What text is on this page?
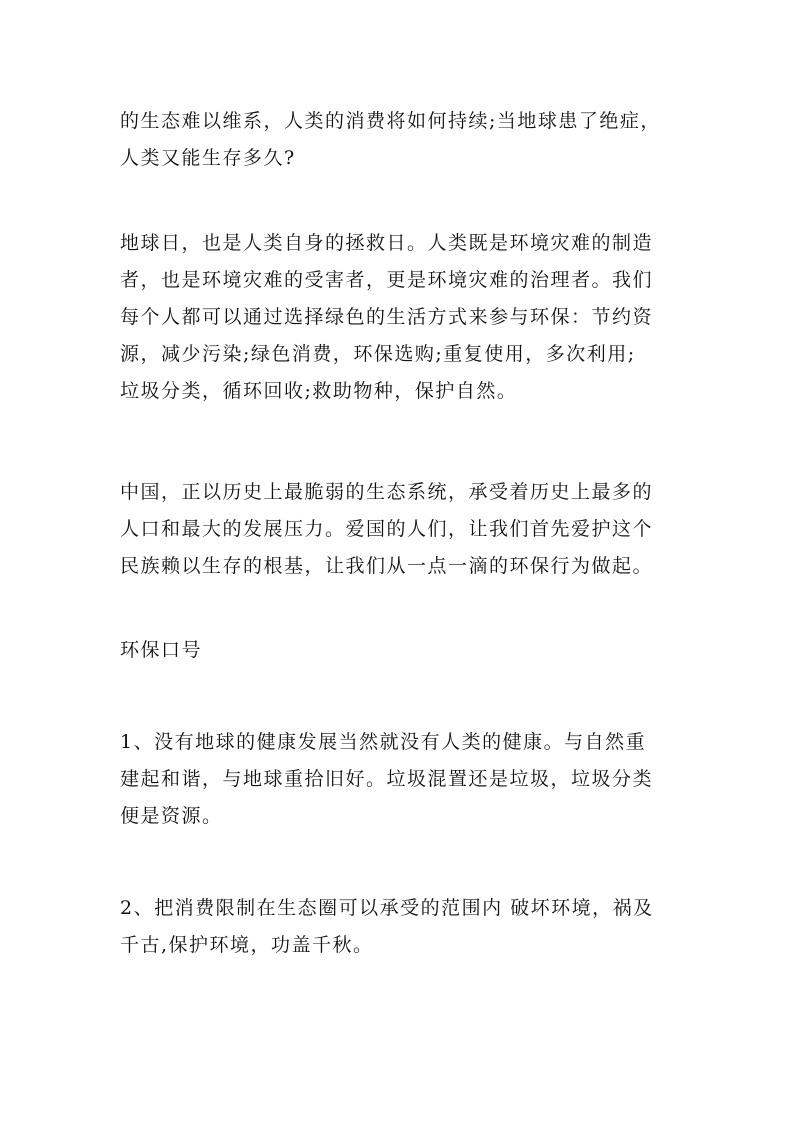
的生态难以维系，人类的消费将如何持续;当地球患了绝症，
人类又能生存多久?

地球日，也是人类自身的拯救日。人类既是环境灾难的制造
者，也是环境灾难的受害者，更是环境灾难的治理者。我们
每个人都可以通过选择绿色的生活方式来参与环保：节约资
源，减少污染;绿色消费，环保选购;重复使用，多次利用;
垃圾分类，循环回收;救助物种，保护自然。

中国，正以历史上最脆弱的生态系统，承受着历史上最多的
人口和最大的发展压力。爱国的人们，让我们首先爱护这个
民族赖以生存的根基，让我们从一点一滴的环保行为做起。

环保口号

1、没有地球的健康发展当然就没有人类的健康。与自然重
建起和谐，与地球重拾旧好。垃圾混置还是垃圾，垃圾分类
便是资源。

2、把消费限制在生态圈可以承受的范围内 破坏环境，祸及
千古,保护环境，功盖千秋。
